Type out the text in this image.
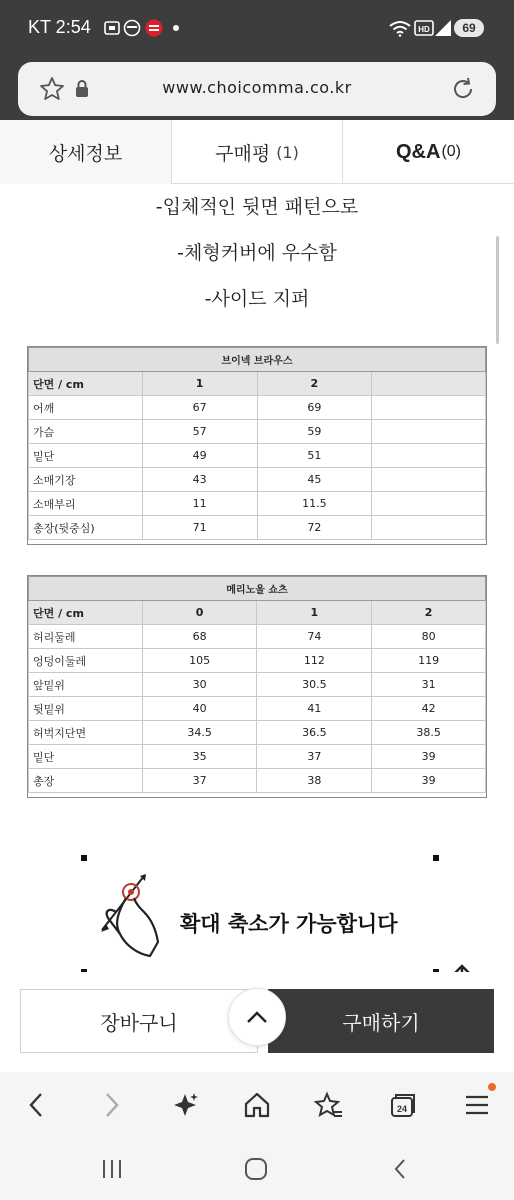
KT 2:54	HD	69
www.choicomma.co.kr
상세정보	구매평 (1)	Q&A (0)
-입체적인 뒷면 패턴으로
-체형커버에 우수함
-사이드 지퍼
브이넥 브라우스			
단면 / cm	1	2	
어깨	67	69	
가슴	57	59	
밑단	49	51	
소매기장	43	45	
소매부리	11	11.5	
총장(뒷중심)	71	72	
메리노울 쇼츠			
단면 / cm	0	1	2
허리둘레	68	74	80
엉덩이둘레	105	112	119
앞밑위	30	30.5	31
뒷밑위	40	41	42
허벅지단면	34.5	36.5	38.5
밑단	35	37	39
총장	37	38	39
확대 축소가 가능합니다
장바구니	구매하기
24
